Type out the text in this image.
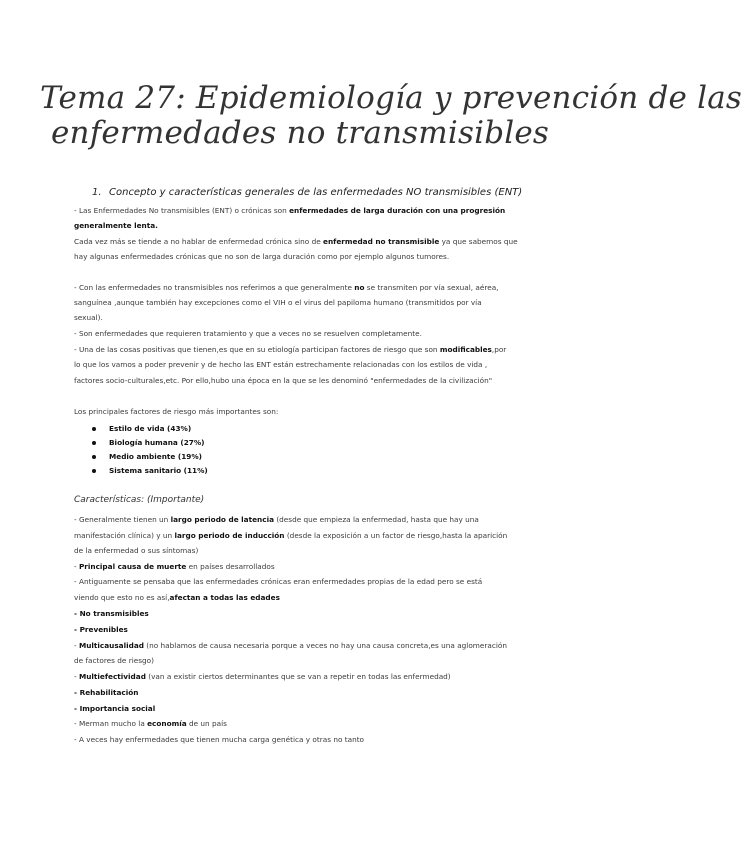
Tema 27: Epidemiología y prevención de las
enfermedades no transmisibles
1. Concepto y características generales de las enfermedades NO transmisibles (ENT)
- Las Enfermedades No transmisibles (ENT) o crónicas son enfermedades de larga duración con una progresión
generalmente lenta.
Cada vez más se tiende a no hablar de enfermedad crónica sino de enfermedad no transmisible ya que sabemos que
hay algunas enfermedades crónicas que no son de larga duración como por ejemplo algunos tumores.
- Con las enfermedades no transmisibles nos referimos a que generalmente no se transmiten por vía sexual, aérea,
sanguínea ,aunque también hay excepciones como el VIH o el virus del papiloma humano (transmitidos por vía
sexual).
- Son enfermedades que requieren tratamiento y que a veces no se resuelven completamente.
- Una de las cosas positivas que tienen,es que en su etiología participan factores de riesgo que son modificables,por
lo que los vamos a poder prevenir y de hecho las ENT están estrechamente relacionadas con los estilos de vida ,
factores socio-culturales,etc. Por ello,hubo una época en la que se les denominó "enfermedades de la civilización"
Los principales factores de riesgo más importantes son:
Estilo de vida (43%)
Biología humana (27%)
Medio ambiente (19%)
Sistema sanitario (11%)
Características: (Importante)
- Generalmente tienen un largo periodo de latencia (desde que empieza la enfermedad, hasta que hay una
manifestación clínica) y un largo periodo de inducción (desde la exposición a un factor de riesgo,hasta la aparición
de la enfermedad o sus síntomas)
- Principal causa de muerte en países desarrollados
- Antiguamente se pensaba que las enfermedades crónicas eran enfermedades propias de la edad pero se está
viendo que esto no es así,afectan a todas las edades
- No transmisibles
- Prevenibles
- Multicausalidad (no hablamos de causa necesaria porque a veces no hay una causa concreta,es una aglomeración
de factores de riesgo)
- Multiefectividad (van a existir ciertos determinantes que se van a repetir en todas las enfermedad)
- Rehabilitación
- Importancia social
- Merman mucho la economía de un país
- A veces hay enfermedades que tienen mucha carga genética y otras no tanto
